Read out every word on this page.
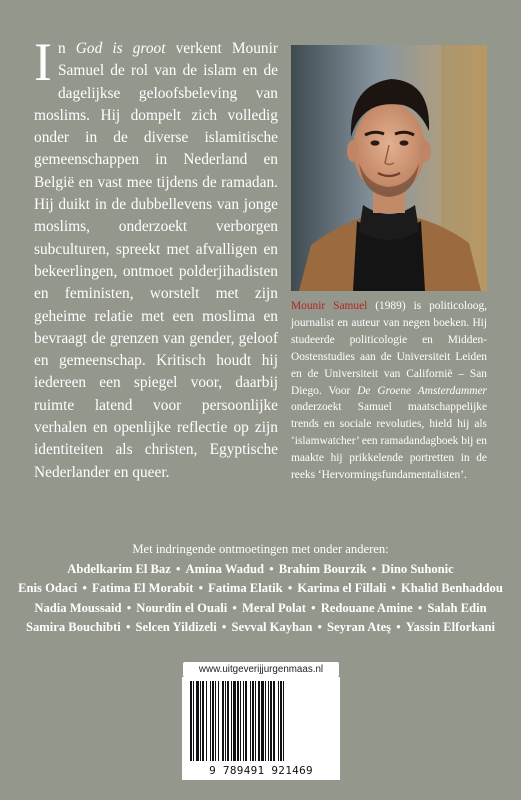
In God is groot verkent Mounir Samuel de rol van de islam en de dagelijkse geloofsbeleving van moslims. Hij dompelt zich volledig onder in de diverse islamitische gemeenschappen in Nederland en België en vast mee tijdens de ramadan. Hij duikt in de dubbellevens van jonge moslims, onderzoekt verborgen subculturen, spreekt met afvalligen en bekeerlingen, ontmoet polderjihadisten en feministen, worstelt met zijn geheime relatie met een moslima en bevraagt de grenzen van gender, geloof en gemeenschap. Kritisch houdt hij iedereen een spiegel voor, daarbij ruimte latend voor persoonlijke verhalen en openlijke reflectie op zijn identiteiten als christen, Egyptische Nederlander en queer.
Mounir Samuel (1989) is politicoloog, journalist en auteur van negen boeken. Hij studeerde politicologie en Midden-Oostenstudies aan de Universiteit Leiden en de Universiteit van Californië – San Diego. Voor De Groene Amsterdammer onderzoekt Samuel maatschappelijke trends en sociale revoluties, hield hij als ‘islamwatcher’ een ramadandagboek bij en maakte hij prikkelende portretten in de reeks ‘Hervormingsfundamentalisten’.
Met indringende ontmoetingen met onder anderen:
Abdelkarim El Baz • Amina Wadud • Brahim Bourzik • Dino Suhonic
Enis Odaci • Fatima El Morabit • Fatima Elatik • Karima el Fillali • Khalid Benhaddou
Nadia Moussaid • Nourdin el Ouali • Meral Polat • Redouane Amine • Salah Edin
Samira Bouchibti • Selcen Yildizeli • Sevval Kayhan • Seyran Ateş • Yassin Elforkani
www.uitgeverijjurgenmaas.nl
9 789491 921469
